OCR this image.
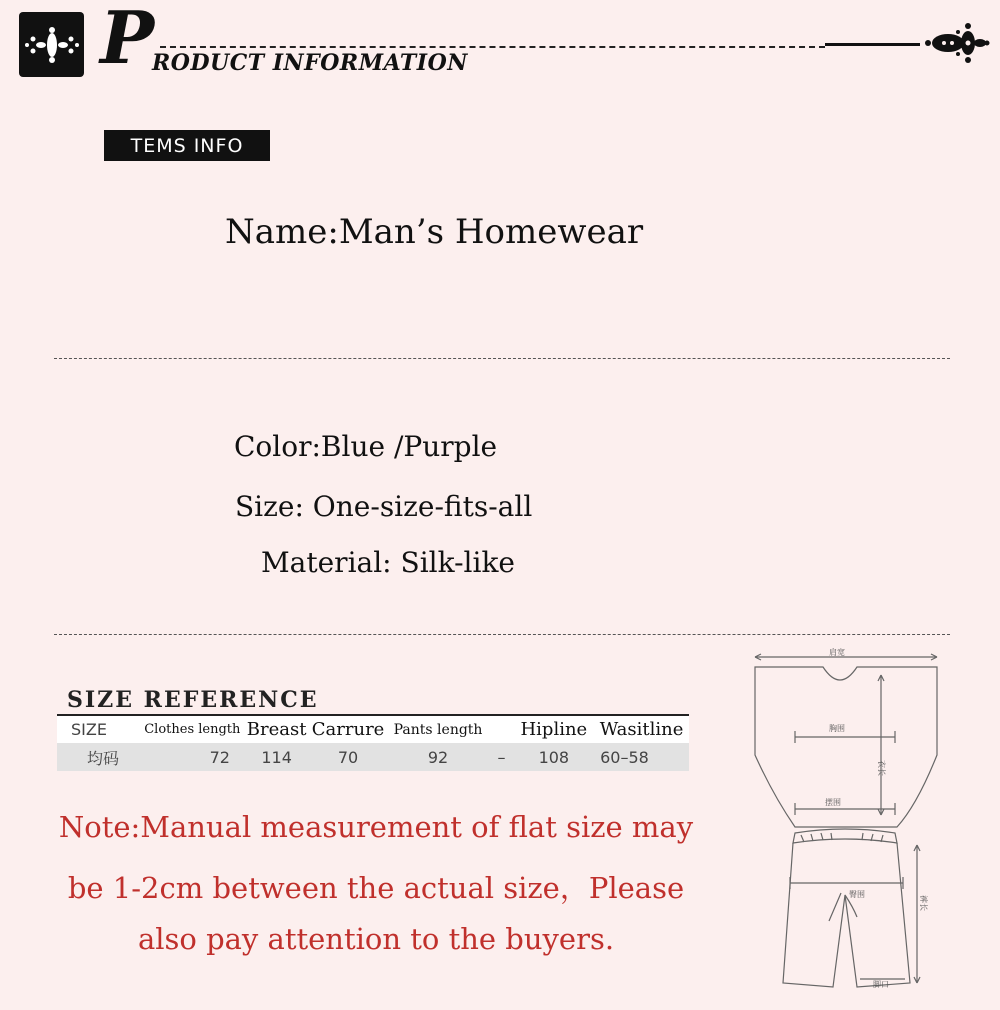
P
RODUCT INFORMATION
TEMS INFO
Name:Man’s Homewear
Color:Blue /Purple
Size: One-size-fits-all
Material: Silk-like
SIZE REFERENCE
SIZE	Clothes length	Breast	Carrure	Pants length		Hipline	Wasitline
均码	72	114	70	92	–	108	60–58
Note:Manual measurement of flat size may
be 1-2cm between the actual size，Please
also pay attention to the buyers.
肩宽
胸围
衣长
摆围
臀围
裤长
脚口
